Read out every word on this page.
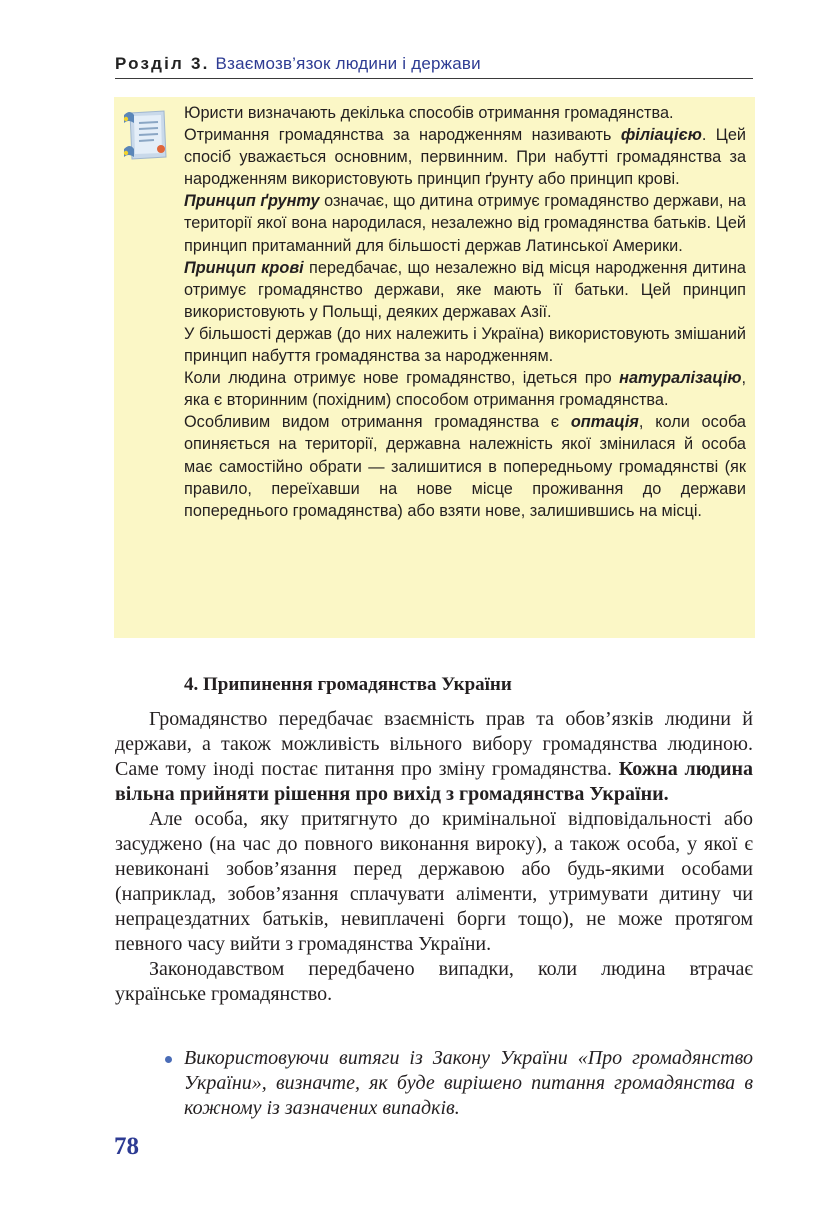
Розділ 3. Взаємозв’язок людини і держави

Юристи визначають декілька способів отримання громадянства.

Отримання громадянства за народженням називають філіацією. Цей спосіб уважається основним, первинним. При набутті громадянства за народженням використовують принцип ґрунту або принцип крові.

Принцип ґрунту означає, що дитина отримує громадянство держави, на території якої вона народилася, незалежно від громадянства батьків. Цей принцип притаманний для більшості держав Латинської Америки.

Принцип крові передбачає, що незалежно від місця народження дитина отримує громадянство держави, яке мають її батьки. Цей принцип використовують у Польщі, деяких державах Азії.

У більшості держав (до них належить і Україна) використовують змішаний принцип набуття громадянства за народженням.

Коли людина отримує нове громадянство, ідеться про натуралізацію, яка є вторинним (похідним) способом отримання громадянства.

Особливим видом отримання громадянства є оптація, коли особа опиняється на території, державна належність якої змінилася й особа має самостійно обрати — залишитися в попередньому громадянстві (як правило, переїхавши на нове місце проживання до держави попереднього громадянства) або взяти нове, залишившись на місці.

4. Припинення громадянства України

Громадянство передбачає взаємність прав та обов’язків людини й держави, а також можливість вільного вибору громадянства людиною. Саме тому іноді постає питання про зміну громадянства. Кожна людина вільна прийняти рішення про вихід з громадянства України.

Але особа, яку притягнуто до кримінальної відповідальності або засуджено (на час до повного виконання вироку), а також особа, у якої є невиконані зобов’язання перед державою або будь-якими особами (наприклад, зобов’язання сплачувати аліменти, утримувати дитину чи непрацездатних батьків, невиплачені борги тощо), не може протягом певного часу вийти з громадянства України.

Законодавством передбачено випадки, коли людина втрачає українське громадянство.

Використовуючи витяги із Закону України «Про громадянство України», визначте, як буде вирішено питання громадянства в кожному із зазначених випадків.
78
